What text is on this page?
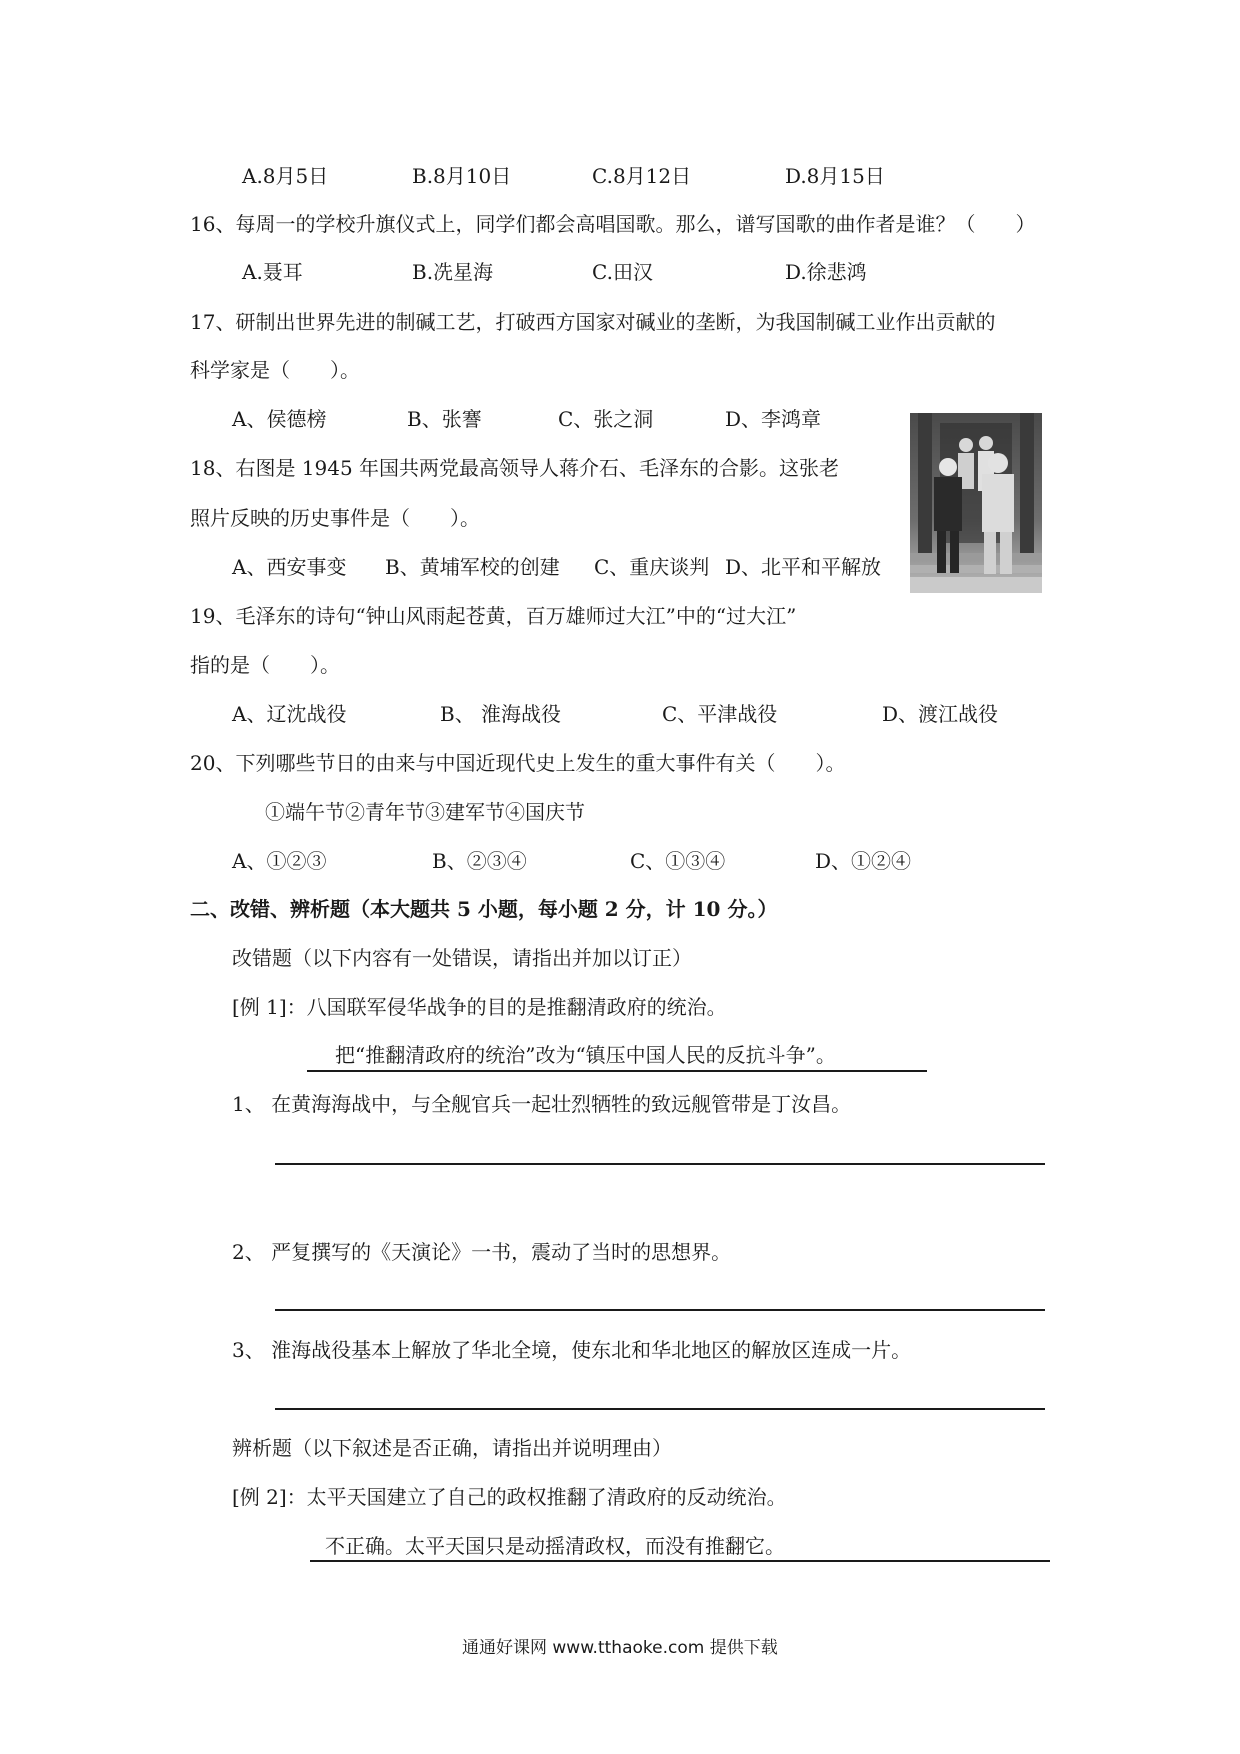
A.8月5日	B.8月10日	C.8月12日	D.8月15日
16、每周一的学校升旗仪式上，同学们都会高唱国歌。那么，谱写国歌的曲作者是谁？（　　）
A.聂耳	B.冼星海	C.田汉	D.徐悲鸿
17、研制出世界先进的制碱工艺，打破西方国家对碱业的垄断，为我国制碱工业作出贡献的
科学家是（　　）。
A、侯德榜	B、张謇	C、张之洞	D、李鸿章
18、右图是 1945 年国共两党最高领导人蒋介石、毛泽东的合影。这张老
照片反映的历史事件是（　　）。
A、西安事变 B、黄埔军校的创建 C、重庆谈判 D、北平和平解放
19、毛泽东的诗句“钟山风雨起苍黄，百万雄师过大江”中的“过大江”
指的是（　　）。
A、辽沈战役	B、 淮海战役	C、平津战役	D、渡江战役
20、下列哪些节日的由来与中国近现代史上发生的重大事件有关（　　）。
①端午节②青年节③建军节④国庆节
A、①②③	B、②③④	C、①③④	D、①②④
二、改错、辨析题（本大题共 5 小题，每小题 2 分，计 10 分。）
改错题（以下内容有一处错误，请指出并加以订正）
[例 1]：八国联军侵华战争的目的是推翻清政府的统治。
把“推翻清政府的统治”改为“镇压中国人民的反抗斗争”。
1、 在黄海海战中，与全舰官兵一起壮烈牺牲的致远舰管带是丁汝昌。
2、 严复撰写的《天演论》一书，震动了当时的思想界。
3、 淮海战役基本上解放了华北全境，使东北和华北地区的解放区连成一片。
辨析题（以下叙述是否正确，请指出并说明理由）
[例 2]：太平天国建立了自己的政权推翻了清政府的反动统治。
不正确。太平天国只是动摇清政权，而没有推翻它。
通通好课网 www.tthaoke.com 提供下载
